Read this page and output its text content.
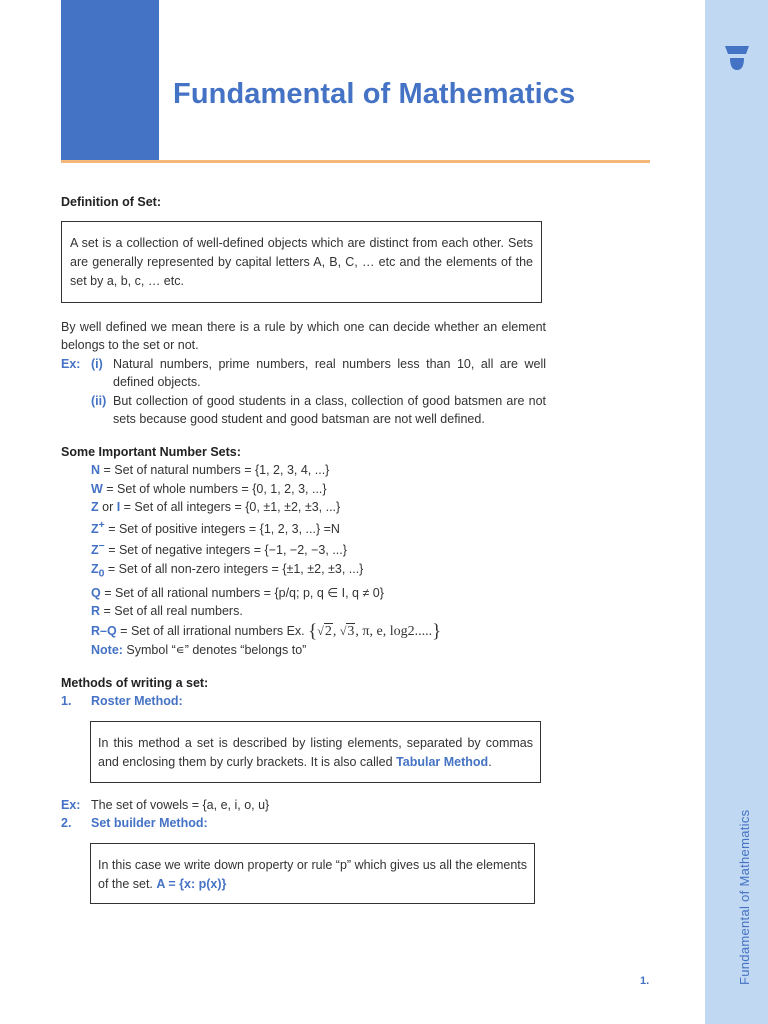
Fundamental of Mathematics
Fundamental of Mathematics
1.
Definition of Set:
A set is a collection of well-defined objects which are distinct from each other. Sets are generally represented by capital letters A, B, C, … etc and the elements of the set by a, b, c, … etc.
By well defined we mean there is a rule by which one can decide whether an element belongs to the set or not.
Ex: (i) Natural numbers, prime numbers, real numbers less than 10, all are well defined objects.
(ii) But collection of good students in a class, collection of good batsmen are not sets because good student and good batsman are not well defined.
Some Important Number Sets:
N = Set of natural numbers = {1, 2, 3, 4, ...}
W = Set of whole numbers = {0, 1, 2, 3, ...}
Z or I = Set of all integers = {0, ±1, ±2, ±3, ...}
Z+ = Set of positive integers = {1, 2, 3, ...} =N
Z− = Set of negative integers = {−1, −2, −3, ...}
$Z_0$ = Set of all non-zero integers = {±1, ±2, ±3, ...}
Q = Set of all rational numbers = {p/q; p, q ∈ I, q ≠ 0}
R = Set of all real numbers.
R–Q = Set of all irrational numbers Ex. {√2, √3, π, e, log2.....}
Note: Symbol “∊” denotes “belongs to”
Methods of writing a set:
1.	Roster Method:
In this method a set is described by listing elements, separated by commas and enclosing them by curly brackets. It is also called Tabular Method.
Ex: The set of vowels = {a, e, i, o, u}
2.	Set builder Method:
In this case we write down property or rule “p” which gives us all the elements of the set. A = {x: p(x)}
